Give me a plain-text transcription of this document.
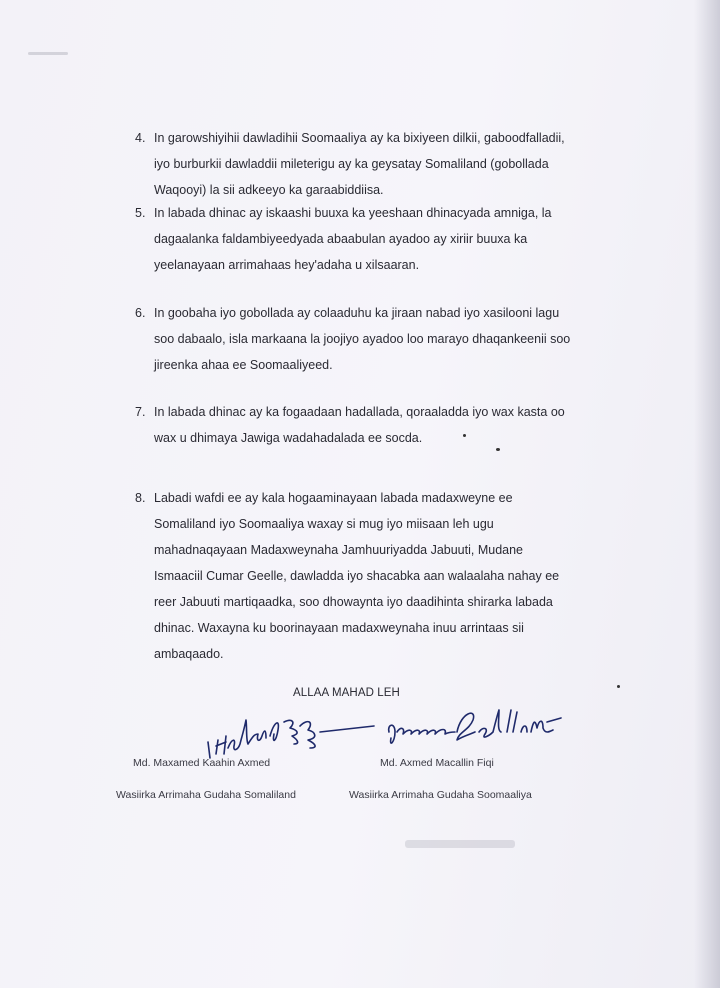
4. In garowshiyihii dawladihii Soomaaliya ay ka bixiyeen dilkii, gaboodfalladii,

iyo burburkii dawladdii mileterigu ay ka geysatay Somaliland (gobollada

Waqooyi) la sii adkeeyo ka garaabiddiisa.

5. In labada dhinac ay iskaashi buuxa ka yeeshaan dhinacyada amniga, la

dagaalanka faldambiyeedyada abaabulan ayadoo ay xiriir buuxa ka

yeelanayaan arrimahaas hey'adaha u xilsaaran.

6. In goobaha iyo gobollada ay colaaduhu ka jiraan nabad iyo xasilooni lagu

soo dabaalo, isla markaana la joojiyo ayadoo loo marayo dhaqankeenii soo

jireenka ahaa ee Soomaaliyeed.

7. In labada dhinac ay ka fogaadaan hadallada, qoraaladda iyo wax kasta oo

wax u dhimaya Jawiga wadahadalada ee socda.

8. Labadi wafdi ee ay kala hogaaminayaan labada madaxweyne ee

Somaliland iyo Soomaaliya waxay si mug iyo miisaan leh ugu

mahadnaqayaan Madaxweynaha Jamhuuriyadda Jabuuti, Mudane

Ismaaciil Cumar Geelle, dawladda iyo shacabka aan walaalaha nahay ee

reer Jabuuti martiqaadka, soo dhowaynta iyo daadihinta shirarka labada

dhinac. Waxayna ku boorinayaan madaxweynaha inuu arrintaas sii

ambaqaado.

ALLAA MAHAD LEH
Md. Maxamed Kaahin Axmed	Md. Axmed Macallin Fiqi
Wasiirka Arrimaha Gudaha Somaliland	Wasiirka Arrimaha Gudaha Soomaaliya
